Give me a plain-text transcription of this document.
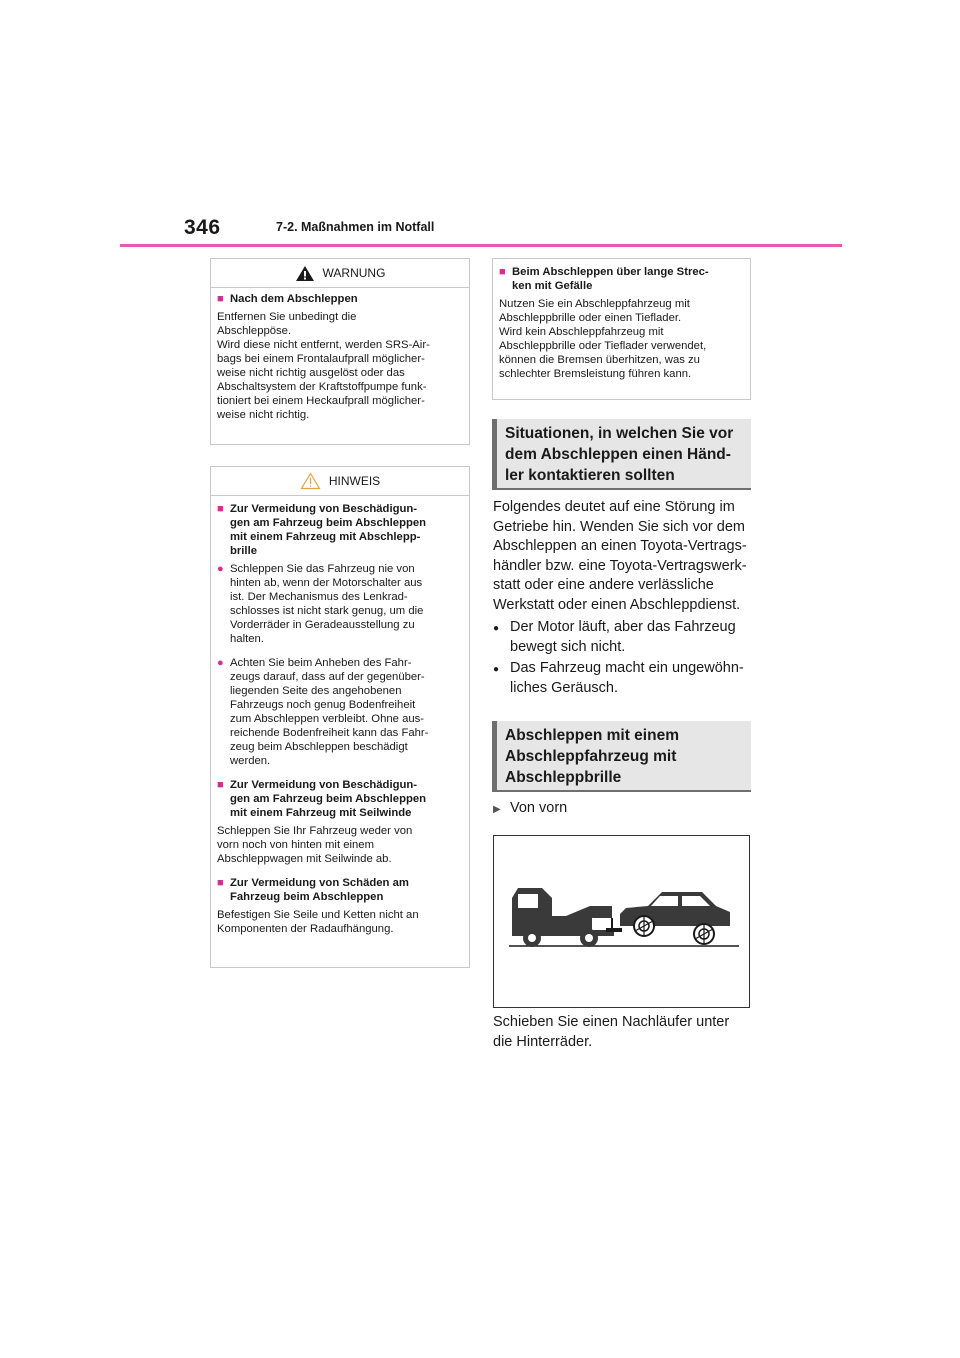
346	7-2. Maßnahmen im Notfall
WARNUNG
■ Nach dem Abschleppen
Entfernen Sie unbedingt die
Abschleppöse.
Wird diese nicht entfernt, werden SRS-Air-
bags bei einem Frontalaufprall möglicher-
weise nicht richtig ausgelöst oder das
Abschaltsystem der Kraftstoffpumpe funk-
tioniert bei einem Heckaufprall möglicher-
weise nicht richtig.
HINWEIS
■ Zur Vermeidung von Beschädigun-
gen am Fahrzeug beim Abschleppen
mit einem Fahrzeug mit Abschlepp-
brille
● Schleppen Sie das Fahrzeug nie von
hinten ab, wenn der Motorschalter aus
ist. Der Mechanismus des Lenkrad-
schlosses ist nicht stark genug, um die
Vorderräder in Geradeausstellung zu
halten.
● Achten Sie beim Anheben des Fahr-
zeugs darauf, dass auf der gegenüber-
liegenden Seite des angehobenen
Fahrzeugs noch genug Bodenfreiheit
zum Abschleppen verbleibt. Ohne aus-
reichende Bodenfreiheit kann das Fahr-
zeug beim Abschleppen beschädigt
werden.
■ Zur Vermeidung von Beschädigun-
gen am Fahrzeug beim Abschleppen
mit einem Fahrzeug mit Seilwinde
Schleppen Sie Ihr Fahrzeug weder von
vorn noch von hinten mit einem
Abschleppwagen mit Seilwinde ab.
■ Zur Vermeidung von Schäden am
Fahrzeug beim Abschleppen
Befestigen Sie Seile und Ketten nicht an
Komponenten der Radaufhängung.
■ Beim Abschleppen über lange Strec-
ken mit Gefälle
Nutzen Sie ein Abschleppfahrzeug mit
Abschleppbrille oder einen Tieflader.
Wird kein Abschleppfahrzeug mit
Abschleppbrille oder Tieflader verwendet,
können die Bremsen überhitzen, was zu
schlechter Bremsleistung führen kann.
Situationen, in welchen Sie vor
dem Abschleppen einen Händ-
ler kontaktieren sollten
Folgendes deutet auf eine Störung im
Getriebe hin. Wenden Sie sich vor dem
Abschleppen an einen Toyota-Vertrags-
händler bzw. eine Toyota-Vertragswerk-
statt oder eine andere verlässliche
Werkstatt oder einen Abschleppdienst.
● Der Motor läuft, aber das Fahrzeug
bewegt sich nicht.
● Das Fahrzeug macht ein ungewöhn-
liches Geräusch.
Abschleppen mit einem
Abschleppfahrzeug mit
Abschleppbrille
▶ Von vorn
Schieben Sie einen Nachläufer unter
die Hinterräder.
